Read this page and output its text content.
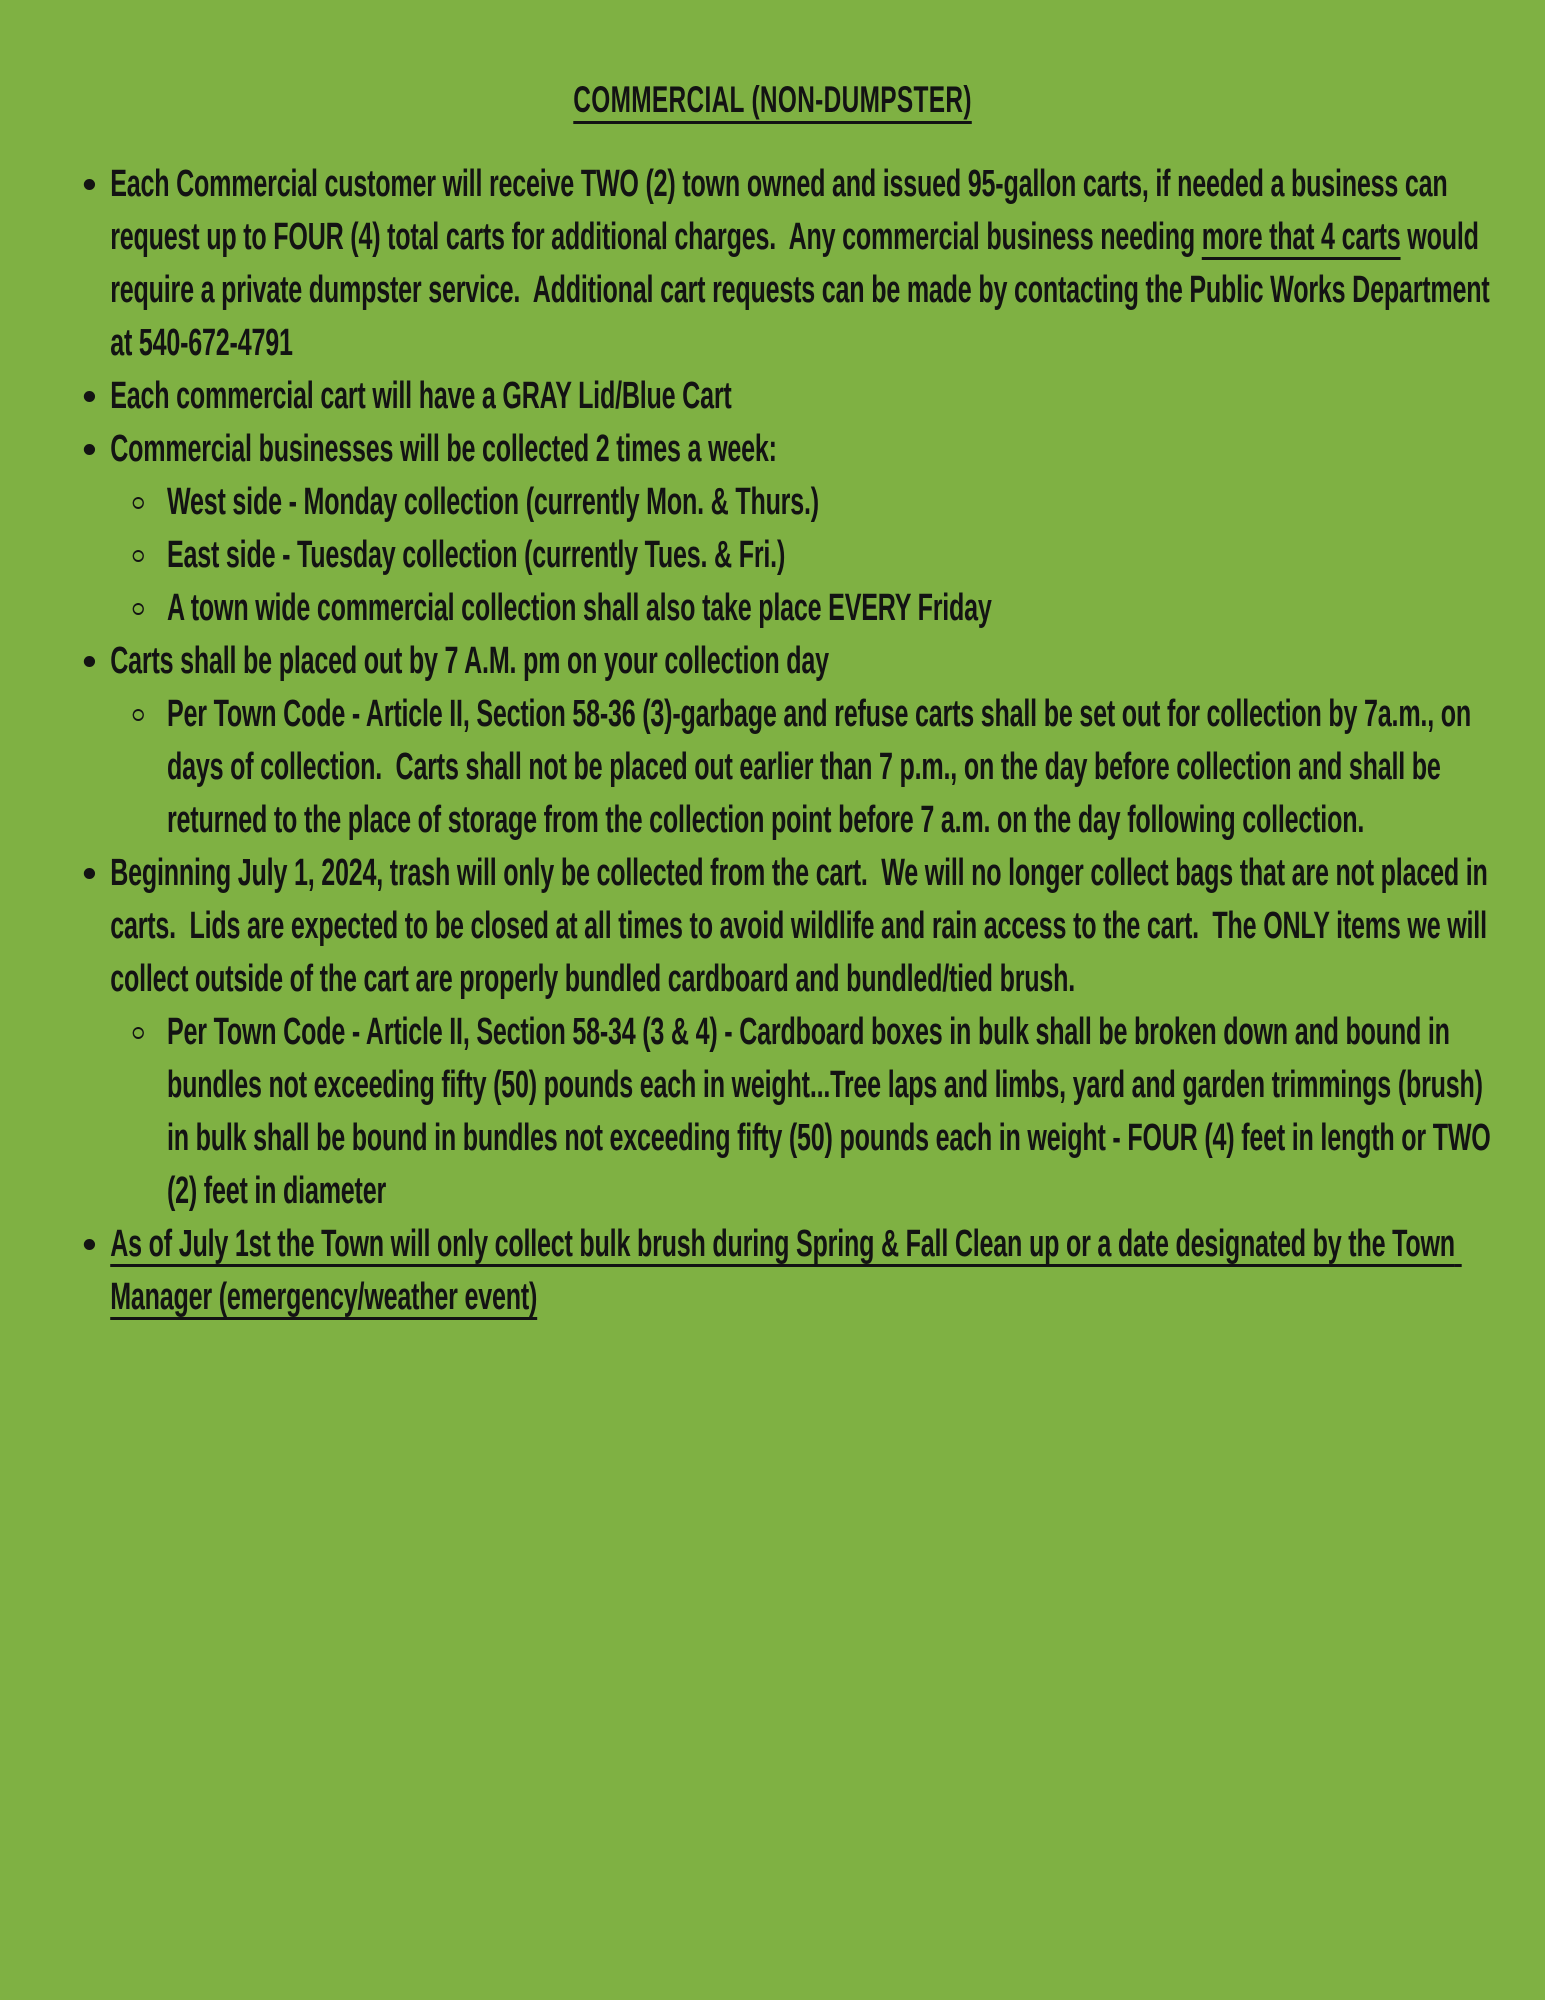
COMMERCIAL (NON-DUMPSTER)
Each Commercial customer will receive TWO (2) town owned and issued 95-gallon carts, if needed a business can request up to FOUR (4) total carts for additional charges.  Any commercial business needing more that 4 carts would require a private dumpster service.  Additional cart requests can be made by contacting the Public Works Department at 540-672-4791
Each commercial cart will have a GRAY Lid/Blue Cart
Commercial businesses will be collected 2 times a week:
West side - Monday collection (currently Mon. & Thurs.)
East side - Tuesday collection (currently Tues. & Fri.)
A town wide commercial collection shall also take place EVERY Friday
Carts shall be placed out by 7 A.M. pm on your collection day
Per Town Code - Article II, Section 58-36 (3)-garbage and refuse carts shall be set out for collection by 7a.m., on days of collection.  Carts shall not be placed out earlier than 7 p.m., on the day before collection and shall be returned to the place of storage from the collection point before 7 a.m. on the day following collection.
Beginning July 1, 2024, trash will only be collected from the cart.  We will no longer collect bags that are not placed in carts.  Lids are expected to be closed at all times to avoid wildlife and rain access to the cart.  The ONLY items we will collect outside of the cart are properly bundled cardboard and bundled/tied brush.
Per Town Code - Article II, Section 58-34 (3 & 4) - Cardboard boxes in bulk shall be broken down and bound in bundles not exceeding fifty (50) pounds each in weight...Tree laps and limbs, yard and garden trimmings (brush) in bulk shall be bound in bundles not exceeding fifty (50) pounds each in weight - FOUR (4) feet in length or TWO (2) feet in diameter
As of July 1st the Town will only collect bulk brush during Spring & Fall Clean up or a date designated by the Town Manager (emergency/weather event)
